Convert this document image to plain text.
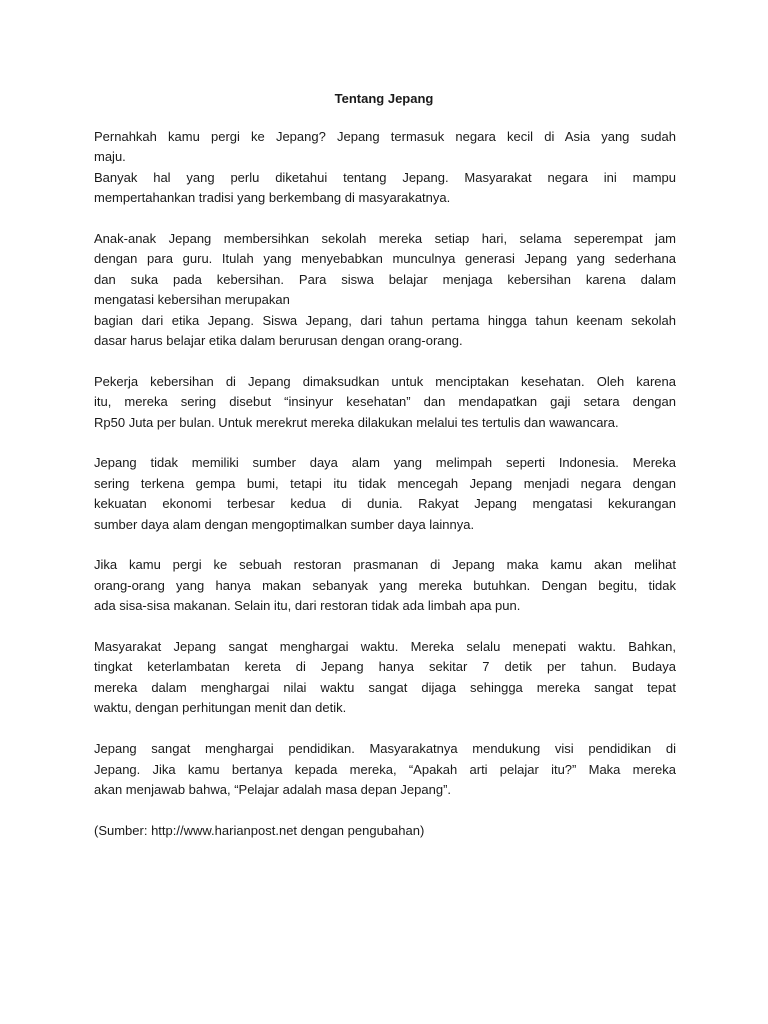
Tentang Jepang
Pernahkah kamu pergi ke Jepang? Jepang termasuk negara kecil di Asia yang sudah
maju.
Banyak hal yang perlu diketahui tentang Jepang. Masyarakat negara ini mampu
mempertahankan tradisi yang berkembang di masyarakatnya.
Anak-anak Jepang membersihkan sekolah mereka setiap hari, selama seperempat jam
dengan para guru. Itulah yang menyebabkan munculnya generasi Jepang yang sederhana
dan suka pada kebersihan. Para siswa belajar menjaga kebersihan karena dalam
mengatasi kebersihan merupakan
bagian dari etika Jepang. Siswa Jepang, dari tahun pertama hingga tahun keenam sekolah
dasar harus belajar etika dalam berurusan dengan orang-orang.
Pekerja kebersihan di Jepang dimaksudkan untuk menciptakan kesehatan. Oleh karena
itu, mereka sering disebut “insinyur kesehatan” dan mendapatkan gaji setara dengan
Rp50 Juta per bulan. Untuk merekrut mereka dilakukan melalui tes tertulis dan wawancara.
Jepang tidak memiliki sumber daya alam yang melimpah seperti Indonesia. Mereka
sering terkena gempa bumi, tetapi itu tidak mencegah Jepang menjadi negara dengan
kekuatan ekonomi terbesar kedua di dunia. Rakyat Jepang mengatasi kekurangan
sumber daya alam dengan mengoptimalkan sumber daya lainnya.
Jika kamu pergi ke sebuah restoran prasmanan di Jepang maka kamu akan melihat
orang-orang yang hanya makan sebanyak yang mereka butuhkan. Dengan begitu, tidak
ada sisa-sisa makanan. Selain itu, dari restoran tidak ada limbah apa pun.
Masyarakat Jepang sangat menghargai waktu. Mereka selalu menepati waktu. Bahkan,
tingkat keterlambatan kereta di Jepang hanya sekitar 7 detik per tahun. Budaya
mereka dalam menghargai nilai waktu sangat dijaga sehingga mereka sangat tepat
waktu, dengan perhitungan menit dan detik.
Jepang sangat menghargai pendidikan. Masyarakatnya mendukung visi pendidikan di
Jepang. Jika kamu bertanya kepada mereka, “Apakah arti pelajar itu?” Maka mereka
akan menjawab bahwa, “Pelajar adalah masa depan Jepang”.
(Sumber: http://www.harianpost.net dengan pengubahan)
